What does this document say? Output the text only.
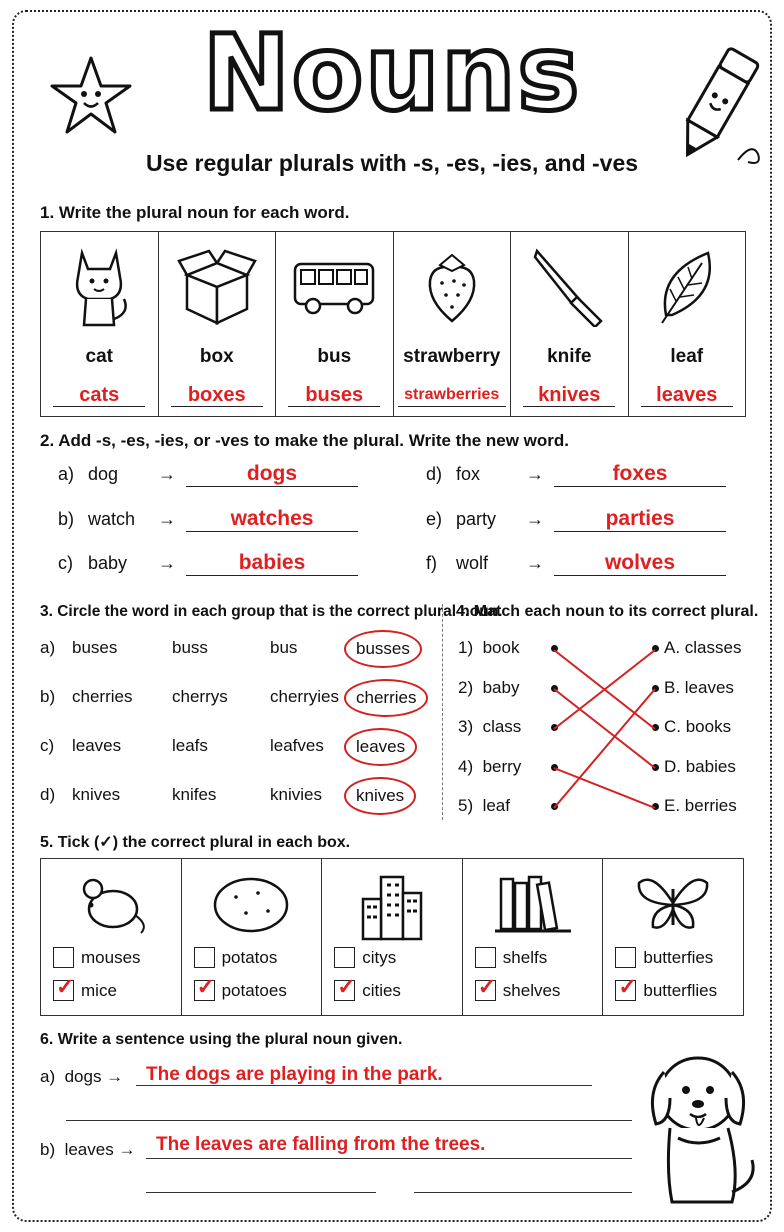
Nouns
Use regular plurals with -s, -es, -ies, and -ves
1. Write the plural noun for each word.
cat
cats

box
boxes

bus
buses

strawberry
strawberries

knife
knives

leaf
leaves
2. Add -s, -es, -ies, or -ves to make the plural. Write the new word.
a) dog →	dogs
b) watch →	watches
c) baby →	babies
d) fox	→	foxes
e) party →	parties
f) wolf →	wolves
3. Circle the word in each group that is the correct plural noun.
a) buses	buss	bus	busses
b) cherries cherrys cherryies	cherries
c) leaves	leafs	leafves	leaves
d) knives	knifes	knivies	knives
4. Match each noun to its correct plural.
1) book	A. classes
2) baby	B. leaves
3) class	C. books
4) berry	D. babies
5) leaf	E. berries
5. Tick (✓) the correct plural in each box.
mouses
✓ mice
potatos
✓ potatoes
citys
✓ cities
shelfs
✓ shelves
butterfies
✓ butterflies
6. Write a sentence using the plural noun given.
a) dogs → The dogs are playing in the park.
b) leaves → The leaves are falling from the trees.
